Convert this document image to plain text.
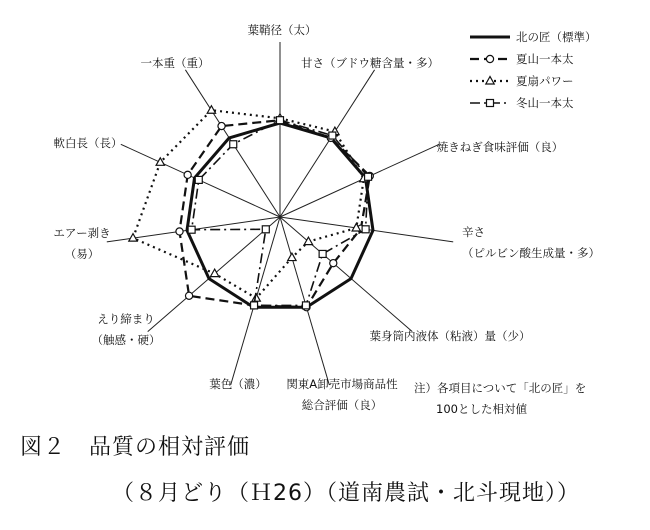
葉鞘径（太）
甘さ（ブドウ糖含量・多）
焼きねぎ食味評価（良）
辛さ（ピルビン酸生成量・多）
葉身筒内液体（粘液）量（少）
関東A卸売市場商品性総合評価（良）
葉色（濃）
えり締まり（触感・硬）
エアー剥き（易）
軟白長（長）
一本重（重）
北の匠（標準）
夏山一本太
夏扇パワー
冬山一本太
注）各項目について「北の匠」を
100とした相対値
図２　品質の相対評価
（８月どり（Ｈ26）（道南農試・北斗現地））
